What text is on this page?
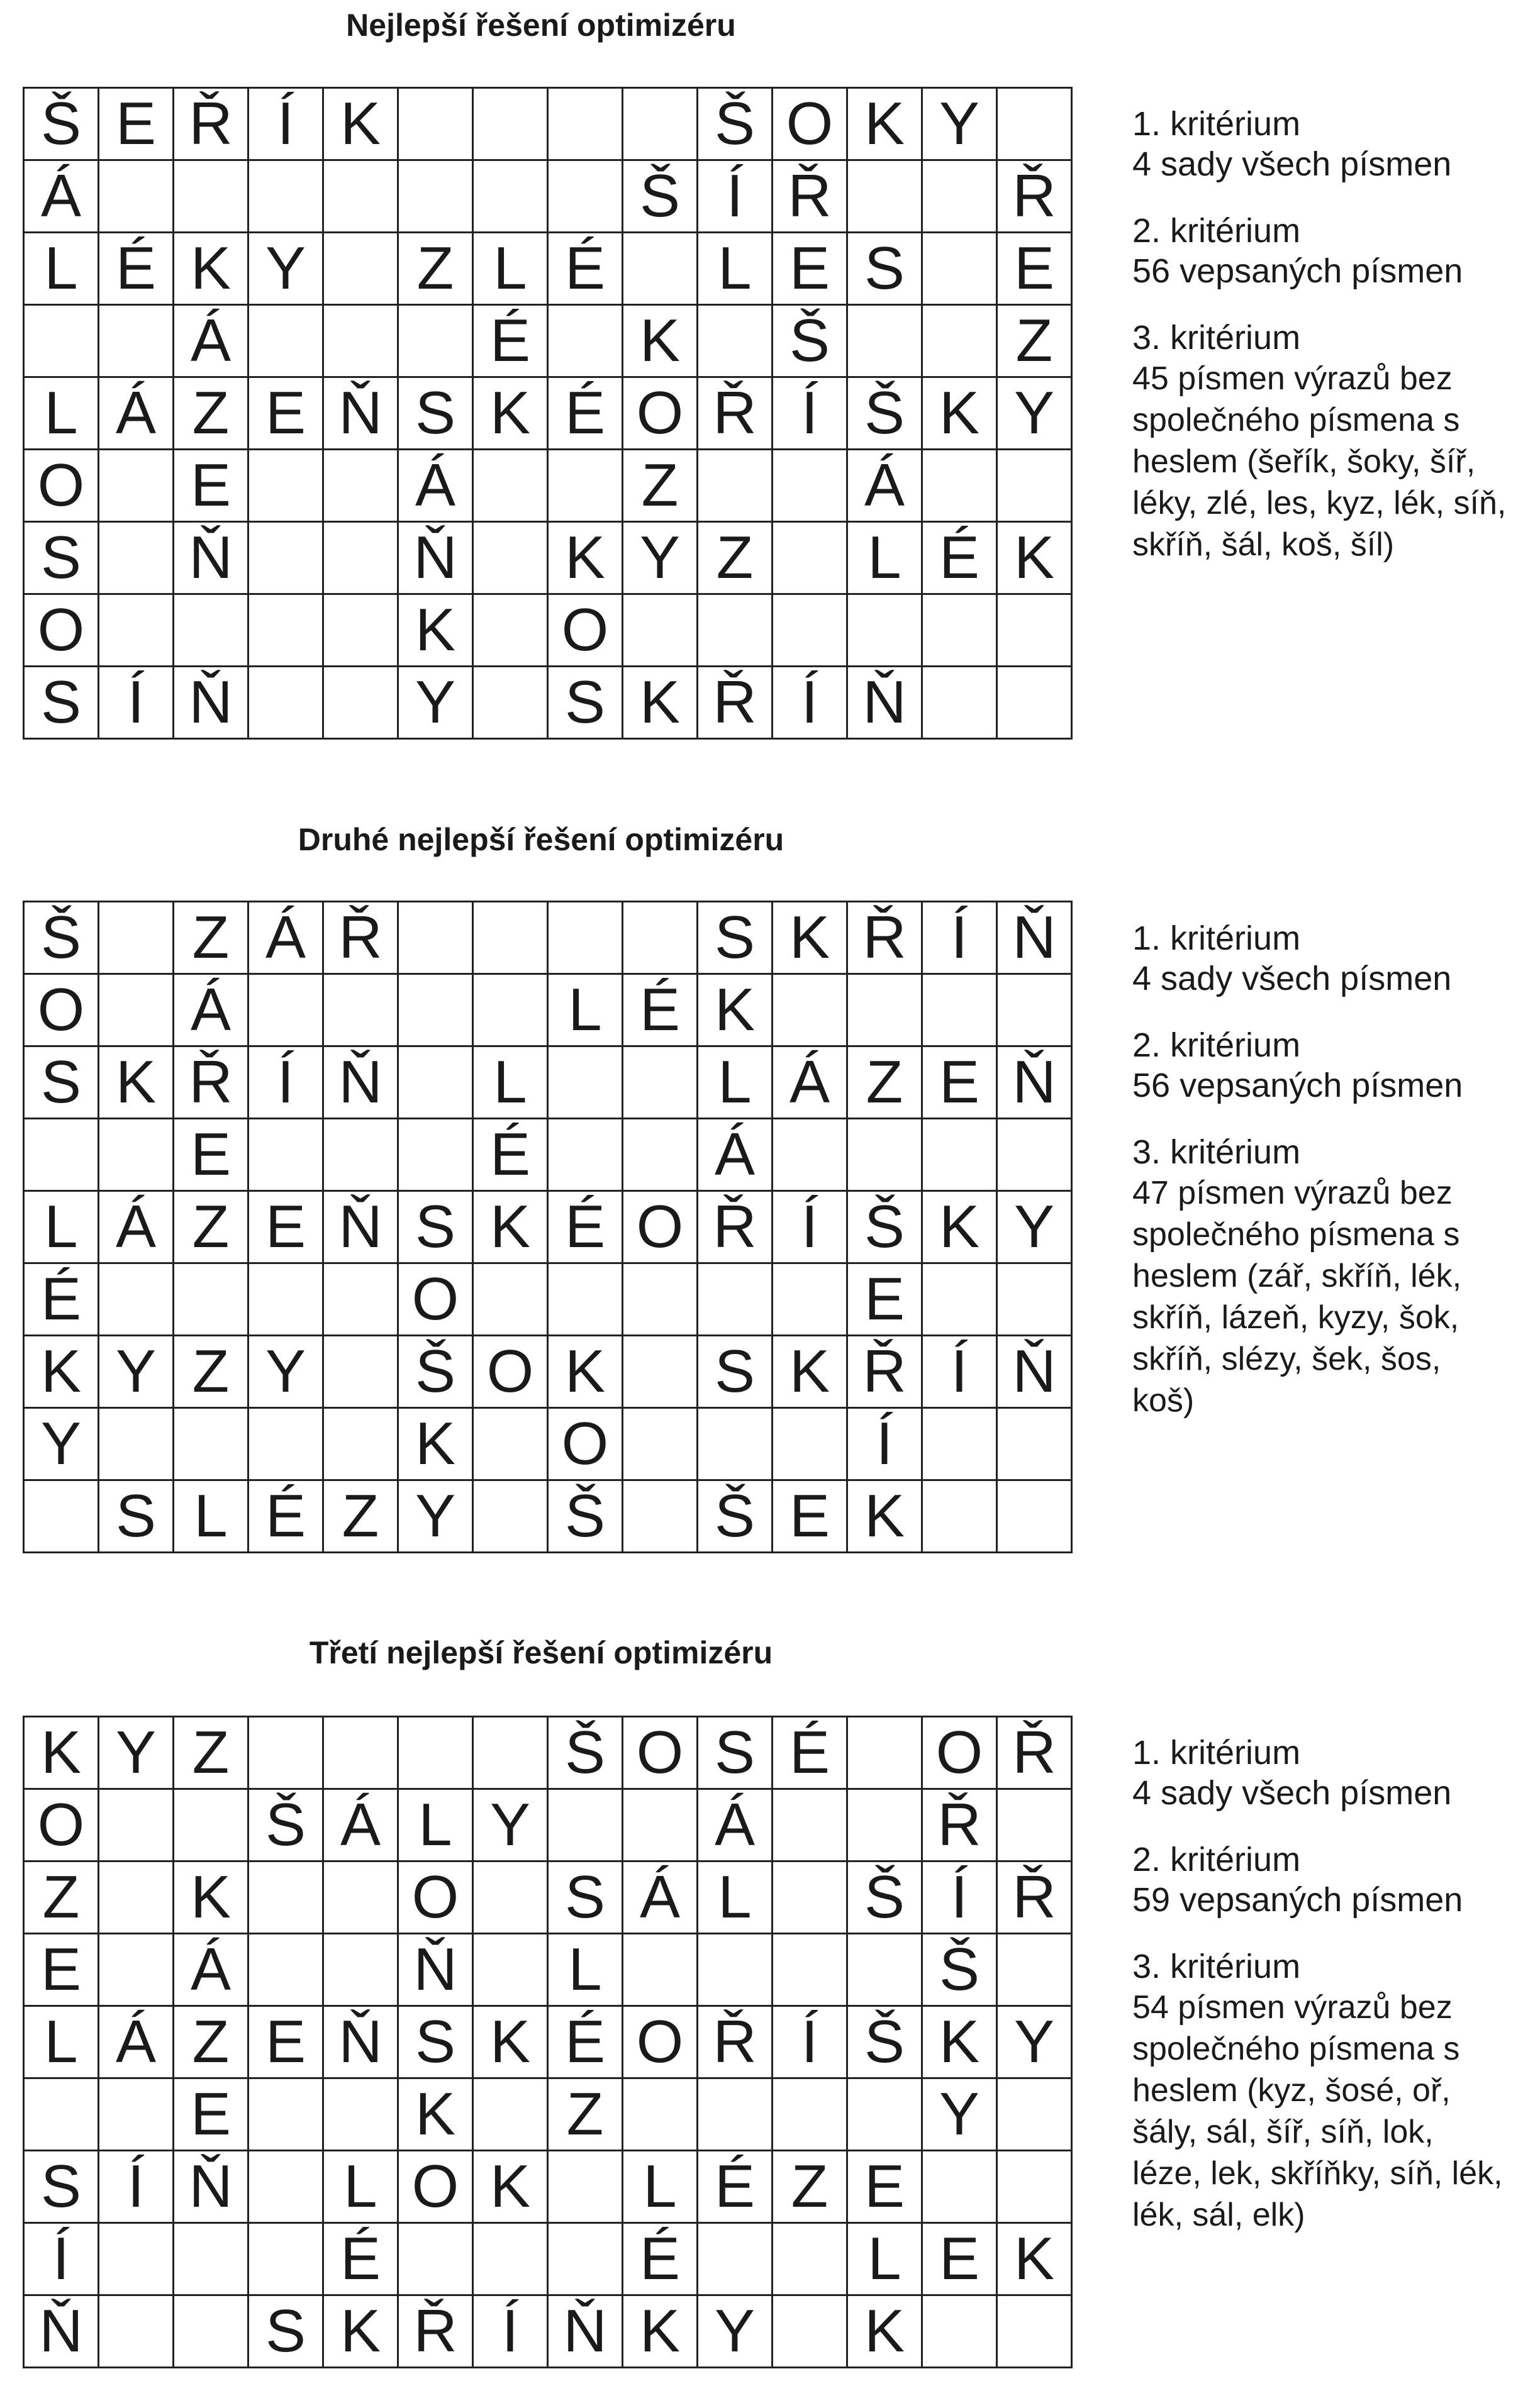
Nejlepší řešení optimizéru
Š	E	Ř	Í	K					Š	O	K	Y	
Á								Š	Í	Ř			Ř
L	É	K	Y		Z	L	É		L	E	S		E
		Á				É		K		Š			Z
L	Á	Z	E	Ň	S	K	É	O	Ř	Í	Š	K	Y
O		E			Á			Z			Á		
S		Ň			Ň		K	Y	Z		L	É	K
O					K		O						
S	Í	Ň			Y		S	K	Ř	Í	Ň		

1. kritérium
4 sady všech písmen

2. kritérium
56 vepsaných písmen

3. kritérium
45 písmen výrazů bez společného písmena s heslem (šeřík, šoky, šíř, léky, zlé, les, kyz, lék, síň, skříň, šál, koš, šíl)

Druhé nejlepší řešení optimizéru
Š		Z	Á	Ř					S	K	Ř	Í	Ň
O		Á					L	É	K				
S	K	Ř	Í	Ň		L			L	Á	Z	E	Ň
		E				É			Á				
L	Á	Z	E	Ň	S	K	É	O	Ř	Í	Š	K	Y
É					O						E		
K	Y	Z	Y		Š	O	K		S	K	Ř	Í	Ň
Y					K		O				Í		
	S	L	É	Z	Y		Š		Š	E	K		

1. kritérium
4 sady všech písmen

2. kritérium
56 vepsaných písmen

3. kritérium
47 písmen výrazů bez společného písmena s heslem (zář, skříň, lék, skříň, lázeň, kyzy, šok, skříň, slézy, šek, šos, koš)

Třetí nejlepší řešení optimizéru
K	Y	Z					Š	O	S	É		O	Ř
O			Š	Á	L	Y			Á			Ř	
Z		K			O		S	Á	L		Š	Í	Ř
E		Á			Ň		L					Š	
L	Á	Z	E	Ň	S	K	É	O	Ř	Í	Š	K	Y
		E			K		Z					Y	
S	Í	Ň		L	O	K		L	É	Z	E		
Í				É				É			L	E	K
Ň			S	K	Ř	Í	Ň	K	Y		K		

1. kritérium
4 sady všech písmen

2. kritérium
59 vepsaných písmen

3. kritérium
54 písmen výrazů bez společného písmena s heslem (kyz, šosé, oř, šály, sál, šíř, síň, lok, léze, lek, skříňky, síň, lék, lék, sál, elk)
